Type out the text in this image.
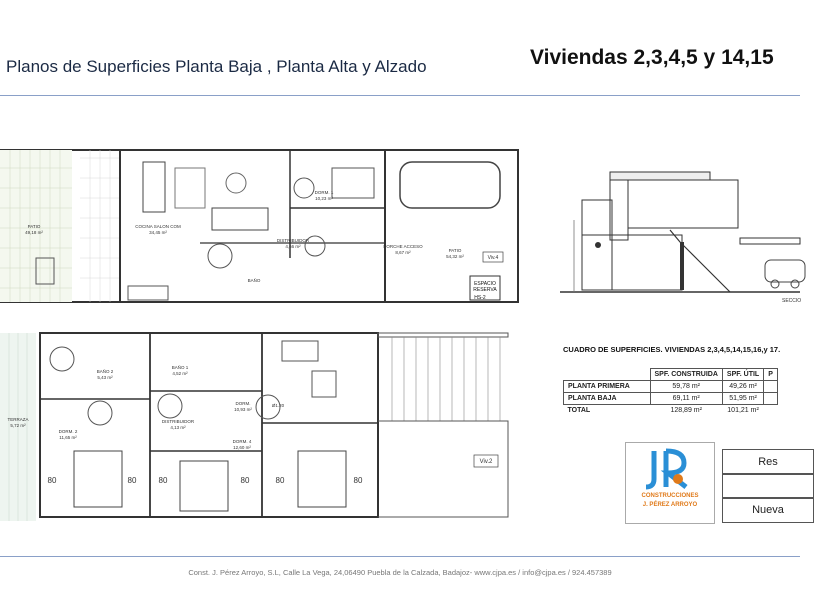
Planos de Superficies Planta Baja , Planta Alta y Alzado	Viviendas 2,3,4,5 y 14,15
PATIO
49,18 m²
COCINA SALON COM
34,45 m²
DORM. 1
10,23 m²
DISTRIBUIDOR
4,66 m²
BAÑO
PORCHE ACCESO
8,67 m²	PATIO
54,32 m²	Viv.4
ESPACIO
RESERVA
HS-2
80	80	80	80	80	80
TERRAZA
5,72 m²
BAÑO 2
5,43 m²
BAÑO 1
4,52 m²
DORM. 2
11,65 m²
DORM.
10,93 m²
DISTRIBUIDOR
4,13 m²
DORM. 4
12,60 m²
Ø1.20
Viv.2
SECCIO
CUADRO DE SUPERFICIES. VIVIENDAS 2,3,4,5,14,15,16,y 17.
	SPF. CONSTRUIDA	SPF. ÚTIL	P
PLANTA PRIMERA	59,78 m²	49,26 m²	
PLANTA BAJA	69,11 m²	51,95 m²	
TOTAL	128,89 m²	101,21 m²	
CONSTRUCCIONES
J. PÉREZ ARROYO
Res
Nueva
Const. J. Pérez Arroyo, S.L, Calle La Vega, 24,06490 Puebla de la Calzada, Badajoz- www.cjpa.es / info@cjpa.es / 924.457389
